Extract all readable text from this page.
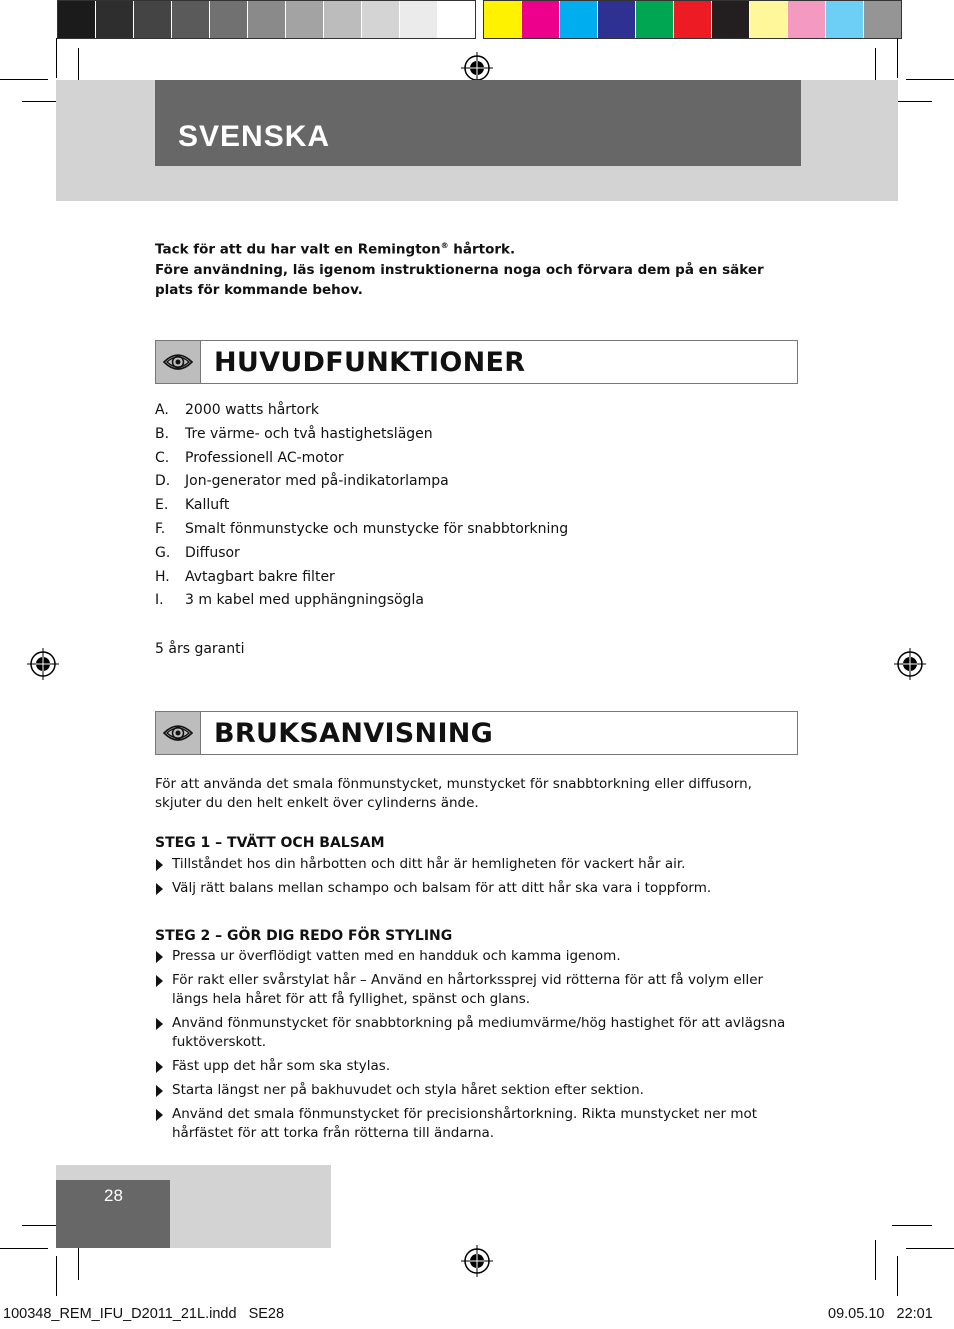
SVENSKA
Tack för att du har valt en Remington® hårtork.
Före användning, läs igenom instruktionerna noga och förvara dem på en säker plats för kommande behov.
HUVUDFUNKTIONER
A.	2000 watts hårtork
B.	Tre värme- och två hastighetslägen
C.	Professionell AC-motor
D.	Jon-generator med på-indikatorlampa
E.	Kalluft
F.	Smalt fönmunstycke och munstycke för snabbtorkning
G.	Diffusor
H.	Avtagbart bakre filter
I.	3 m kabel med upphängningsögla
5 års garanti
BRUKSANVISNING
För att använda det smala fönmunstycket, munstycket för snabbtorkning eller diffusorn, skjuter du den helt enkelt över cylinderns ände.
STEG 1 – TVÄTT OCH BALSAM
Tillståndet hos din hårbotten och ditt hår är hemligheten för vackert hår air.
Välj rätt balans mellan schampo och balsam för att ditt hår ska vara i toppform.
STEG 2 – GÖR DIG REDO FÖR STYLING
Pressa ur överflödigt vatten med en handduk och kamma igenom.
För rakt eller svårstylat hår – Använd en hårtorkssprej vid rötterna för att få volym eller längs hela håret för att få fyllighet, spänst och glans.
Använd fönmunstycket för snabbtorkning på mediumvärme/hög hastighet för att avlägsna fuktöverskott.
Fäst upp det hår som ska stylas.
Starta längst ner på bakhuvudet och styla håret sektion efter sektion.
Använd det smala fönmunstycket för precisionshårtorkning. Rikta munstycket ner mot hårfästet för att torka från rötterna till ändarna.
28
100348_REM_IFU_D2011_21L.indd   SE28	09.05.10   22:01
